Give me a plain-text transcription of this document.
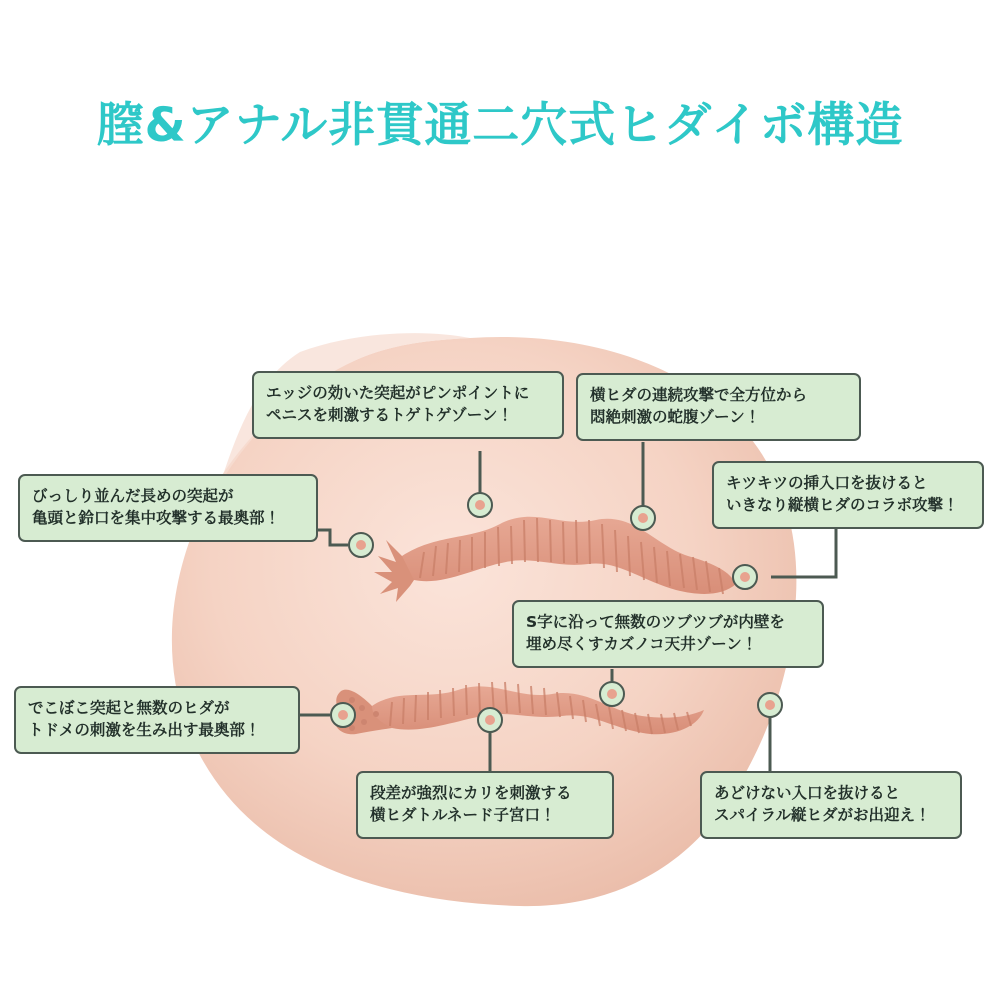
膣&アナル非貫通二穴式ヒダイボ構造
エッジの効いた突起がピンポイントに
ペニスを刺激するトゲトゲゾーン！
横ヒダの連続攻撃で全方位から
悶絶刺激の蛇腹ゾーン！
びっしり並んだ長めの突起が
亀頭と鈴口を集中攻撃する最奥部！
キツキツの挿入口を抜けると
いきなり縦横ヒダのコラボ攻撃！
S字に沿って無数のツブツブが内壁を
埋め尽くすカズノコ天井ゾーン！
でこぼこ突起と無数のヒダが
トドメの刺激を生み出す最奥部！
段差が強烈にカリを刺激する
横ヒダトルネード子宮口！
あどけない入口を抜けると
スパイラル縦ヒダがお出迎え！
